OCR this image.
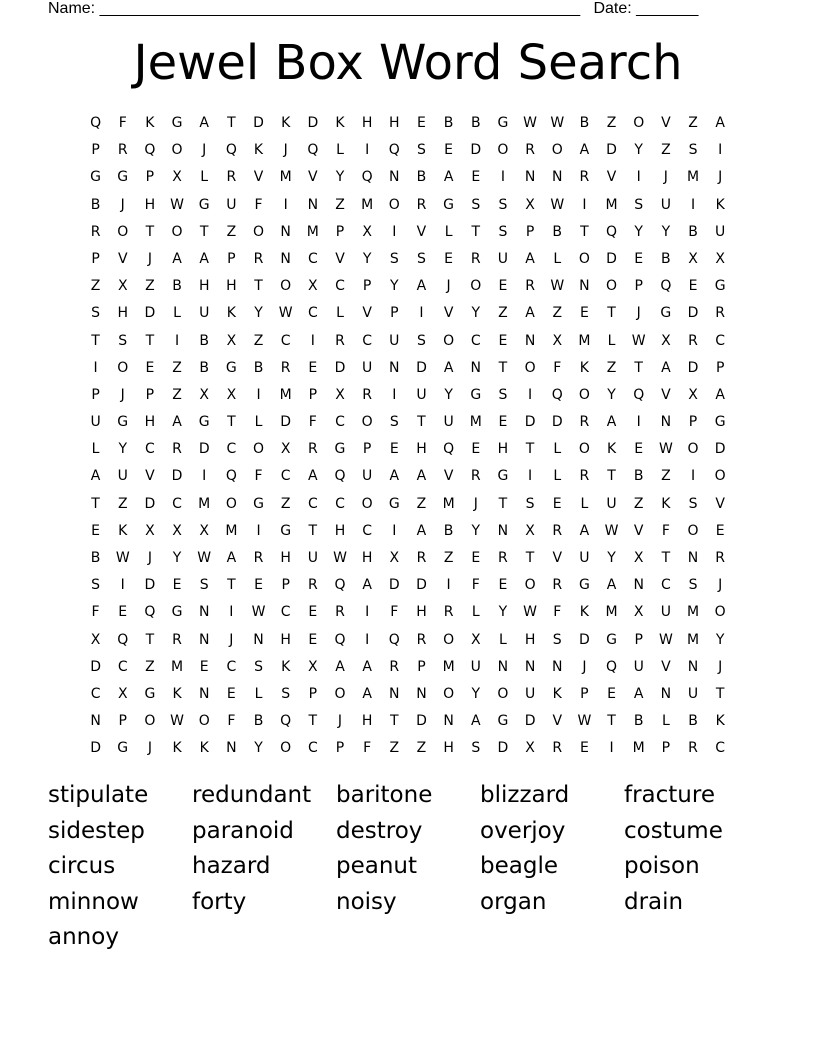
Name: ______________________________________________________ Date: _______
Jewel Box Word Search
Q	F	K	G	A	T	D	K	D	K	H	H	E	B	B	G	W W	B	Z	O	V	Z	A
P	R	Q	O	J	Q	K	J	Q	L	I	Q	S	E	D	O	R	O	A	D	Y	Z	S	I
G	G	P	X	L	R	V	M	V	Y	Q	N	B	A	E	I	N	N	R	V	I	J	M	J
B	J	H	W	G	U	F	I	N	Z	M	O	R	G	S	S	X	W	I	M	S	U	I	K
R	O	T	O	T	Z	O	N	M	P	X	I	V	L	T	S	P	B	T	Q	Y	Y	B	U
P	V	J	A	A	P	R	N	C	V	Y	S	S	E	R	U	A	L	O	D	E	B	X	X
Z	X	Z	B	H	H	T	O	X	C	P	Y	A	J	O	E	R	W	N	O	P	Q	E	G
S	H	D	L	U	K	Y	W	C	L	V	P	I	V	Y	Z	A	Z	E	T	J	G	D	R
T	S	T	I	B	X	Z	C	I	R	C	U	S	O	C	E	N	X	M	L	W	X	R	C
I	O	E	Z	B	G	B	R	E	D	U	N	D	A	N	T	O	F	K	Z	T	A	D	P
P	J	P	Z	X	X	I	M	P	X	R	I	U	Y	G	S	I	Q	O	Y	Q	V	X	A
U	G	H	A	G	T	L	D	F	C	O	S	T	U	M	E	D	D	R	A	I	N	P	G
L	Y	C	R	D	C	O	X	R	G	P	E	H	Q	E	H	T	L	O	K	E	W	O	D
A	U	V	D	I	Q	F	C	A	Q	U	A	A	V	R	G	I	L	R	T	B	Z	I	O
T	Z	D	C	M	O	G	Z	C	C	O	G	Z	M	J	T	S	E	L	U	Z	K	S	V
E	K	X	X	X	M	I	G	T	H	C	I	A	B	Y	N	X	R	A	W	V	F	O	E
B	W	J	Y	W	A	R	H	U	W	H	X	R	Z	E	R	T	V	U	Y	X	T	N	R
S	I	D	E	S	T	E	P	R	Q	A	D	D	I	F	E	O	R	G	A	N	C	S	J
F	E	Q	G	N	I	W	C	E	R	I	F	H	R	L	Y	W	F	K	M	X	U	M	O
X	Q	T	R	N	J	N	H	E	Q	I	Q	R	O	X	L	H	S	D	G	P	W	M	Y
D	C	Z	M	E	C	S	K	X	A	A	R	P	M	U	N	N	N	J	Q	U	V	N	J
C	X	G	K	N	E	L	S	P	O	A	N	N	O	Y	O	U	K	P	E	A	N	U	T
N	P	O	W	O	F	B	Q	T	J	H	T	D	N	A	G	D	V	W	T	B	L	B	K
D	G	J	K	K	N	Y	O	C	P	F	Z	Z	H	S	D	X	R	E	I	M	P	R	C
stipulate	redundant	baritone	blizzard	fracture
sidestep	paranoid	destroy	overjoy	costume
circus	hazard	peanut	beagle	poison
minnow	forty	noisy	organ	drain
annoy
